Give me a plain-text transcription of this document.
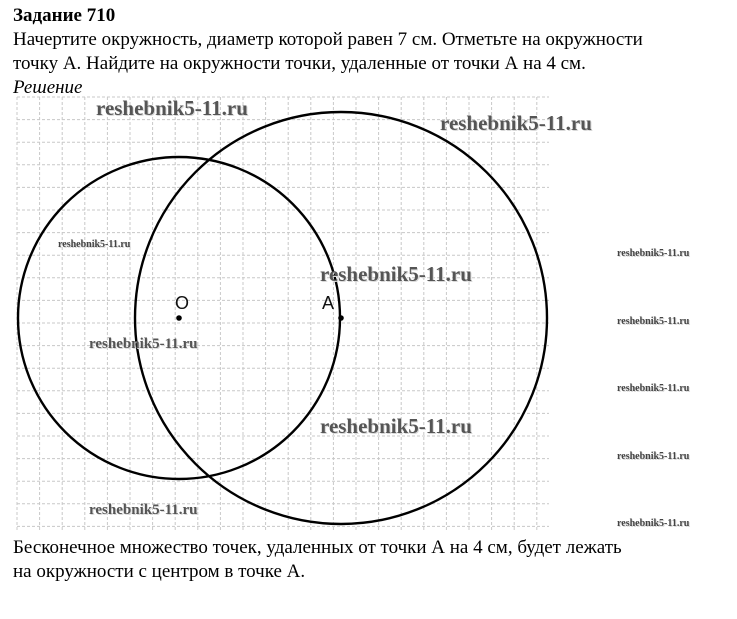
Задание 710
Начертите окружность, диаметр которой равен 7 см. Отметьте на окружности
точку А. Найдите на окружности точки, удаленные от точки А на 4 см.
Решение
O	A
reshebnik5-11.ru
reshebnik5-11.ru
reshebnik5-11.ru
reshebnik5-11.ru
reshebnik5-11.ru
reshebnik5-11.ru
reshebnik5-11.ru
reshebnik5-11.ru
reshebnik5-11.ru
reshebnik5-11.ru
reshebnik5-11.ru
reshebnik5-11.ru
Бесконечное множество точек, удаленных от точки А на 4 см, будет лежать
на окружности с центром в точке А.
